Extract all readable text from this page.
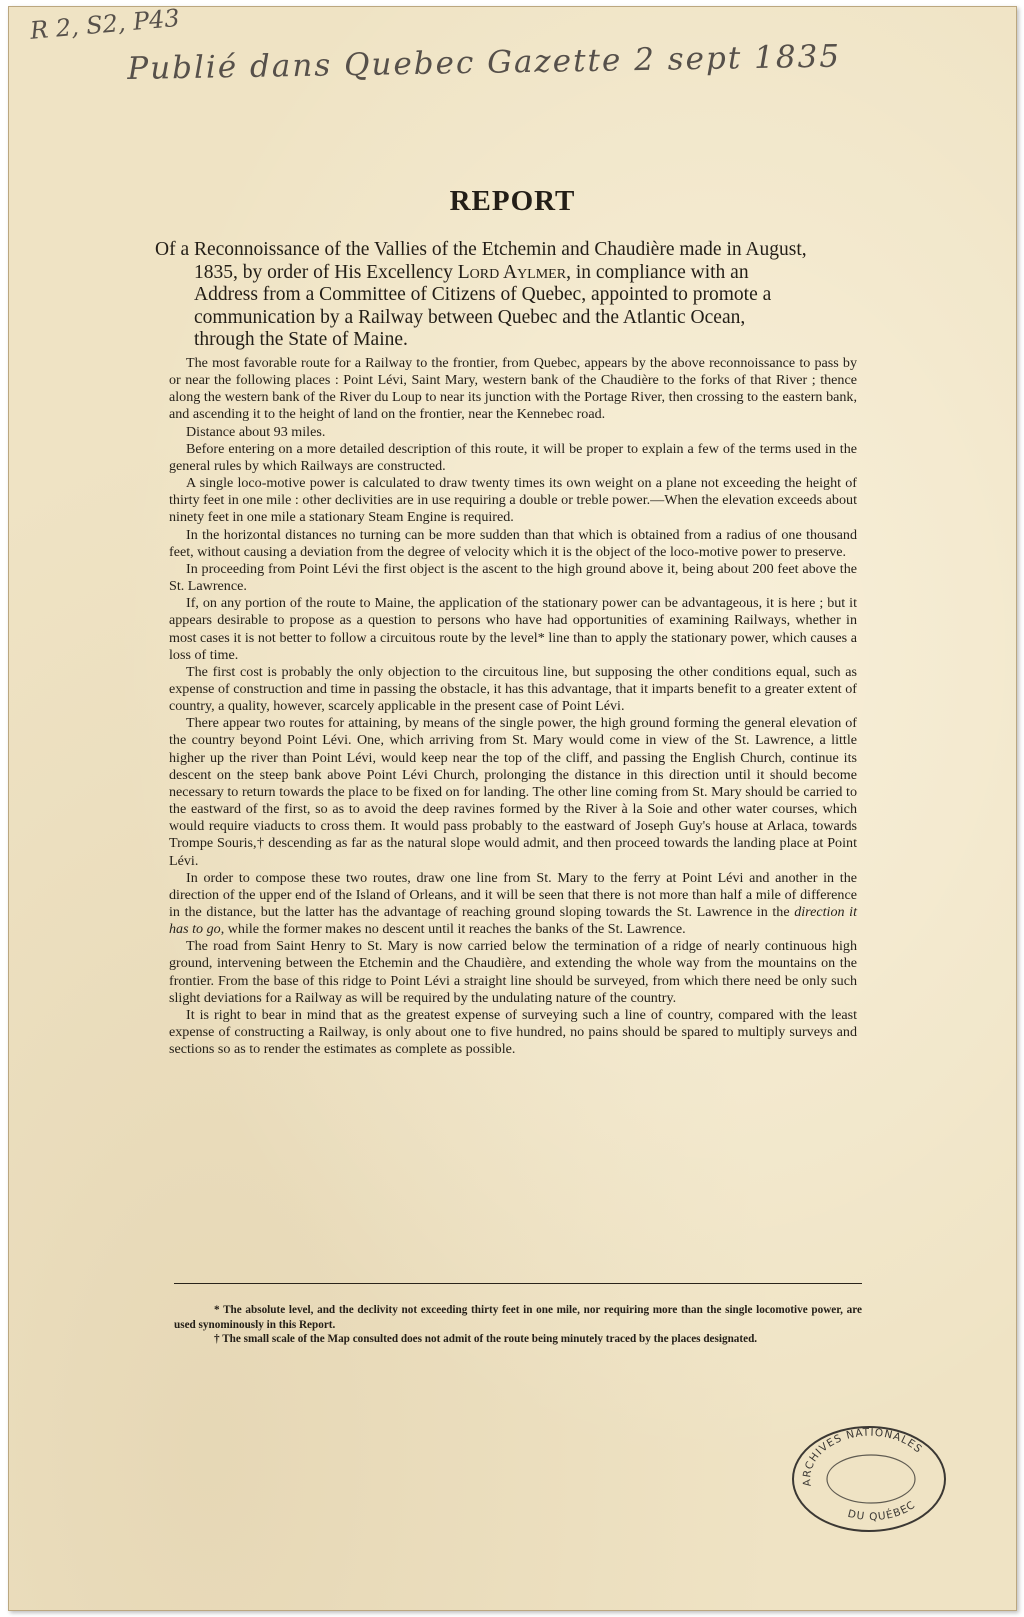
R 2, S2, P43
Publié dans Quebec Gazette 2 sept 1835
REPORT
Of a Reconnoissance of the Vallies of the Etchemin and Chaudière made in August,
1835, by order of His Excellency Lord Aylmer, in compliance with an
Address from a Committee of Citizens of Quebec, appointed to promote a
communication by a Railway between Quebec and the Atlantic Ocean,
through the State of Maine.

The most favorable route for a Railway to the frontier, from Quebec, appears by the above reconnoissance to pass by or near the following places : Point Lévi, Saint Mary, western bank of the Chaudière to the forks of that River ; thence along the western bank of the River du Loup to near its junction with the Portage River, then crossing to the eastern bank, and ascending it to the height of land on the frontier, near the Kennebec road.

Distance about 93 miles.

Before entering on a more detailed description of this route, it will be proper to explain a few of the terms used in the general rules by which Railways are constructed.

A single loco-motive power is calculated to draw twenty times its own weight on a plane not exceeding the height of thirty feet in one mile : other declivities are in use requiring a double or treble power.—When the elevation exceeds about ninety feet in one mile a stationary Steam Engine is required.

In the horizontal distances no turning can be more sudden than that which is obtained from a radius of one thousand feet, without causing a deviation from the degree of velocity which it is the object of the loco-motive power to preserve.

In proceeding from Point Lévi the first object is the ascent to the high ground above it, being about 200 feet above the St. Lawrence.

If, on any portion of the route to Maine, the application of the stationary power can be advantageous, it is here ; but it appears desirable to propose as a question to persons who have had opportunities of examining Railways, whether in most cases it is not better to follow a circuitous route by the level* line than to apply the stationary power, which causes a loss of time.

The first cost is probably the only objection to the circuitous line, but supposing the other conditions equal, such as expense of construction and time in passing the obstacle, it has this advantage, that it imparts benefit to a greater extent of country, a quality, however, scarcely applicable in the present case of Point Lévi.

There appear two routes for attaining, by means of the single power, the high ground forming the general elevation of the country beyond Point Lévi. One, which arriving from St. Mary would come in view of the St. Lawrence, a little higher up the river than Point Lévi, would keep near the top of the cliff, and passing the English Church, continue its descent on the steep bank above Point Lévi Church, prolonging the distance in this direction until it should become necessary to return towards the place to be fixed on for landing. The other line coming from St. Mary should be carried to the eastward of the first, so as to avoid the deep ravines formed by the River à la Soie and other water courses, which would require viaducts to cross them. It would pass probably to the eastward of Joseph Guy's house at Arlaca, towards Trompe Souris,† descending as far as the natural slope would admit, and then proceed towards the landing place at Point Lévi.

In order to compose these two routes, draw one line from St. Mary to the ferry at Point Lévi and another in the direction of the upper end of the Island of Orleans, and it will be seen that there is not more than half a mile of difference in the distance, but the latter has the advantage of reaching ground sloping towards the St. Lawrence in the direction it has to go, while the former makes no descent until it reaches the banks of the St. Lawrence.

The road from Saint Henry to St. Mary is now carried below the termination of a ridge of nearly continuous high ground, intervening between the Etchemin and the Chaudière, and extending the whole way from the mountains on the frontier. From the base of this ridge to Point Lévi a straight line should be surveyed, from which there need be only such slight deviations for a Railway as will be required by the undulating nature of the country.

It is right to bear in mind that as the greatest expense of surveying such a line of country, compared with the least expense of constructing a Railway, is only about one to five hundred, no pains should be spared to multiply surveys and sections so as to render the estimates as complete as possible.

* The absolute level, and the declivity not exceeding thirty feet in one mile, nor requiring more than the single locomotive power, are used synominously in this Report.

† The small scale of the Map consulted does not admit of the route being minutely traced by the places designated.

ARCHIVES NATIONALES
DU QUÉBEC
